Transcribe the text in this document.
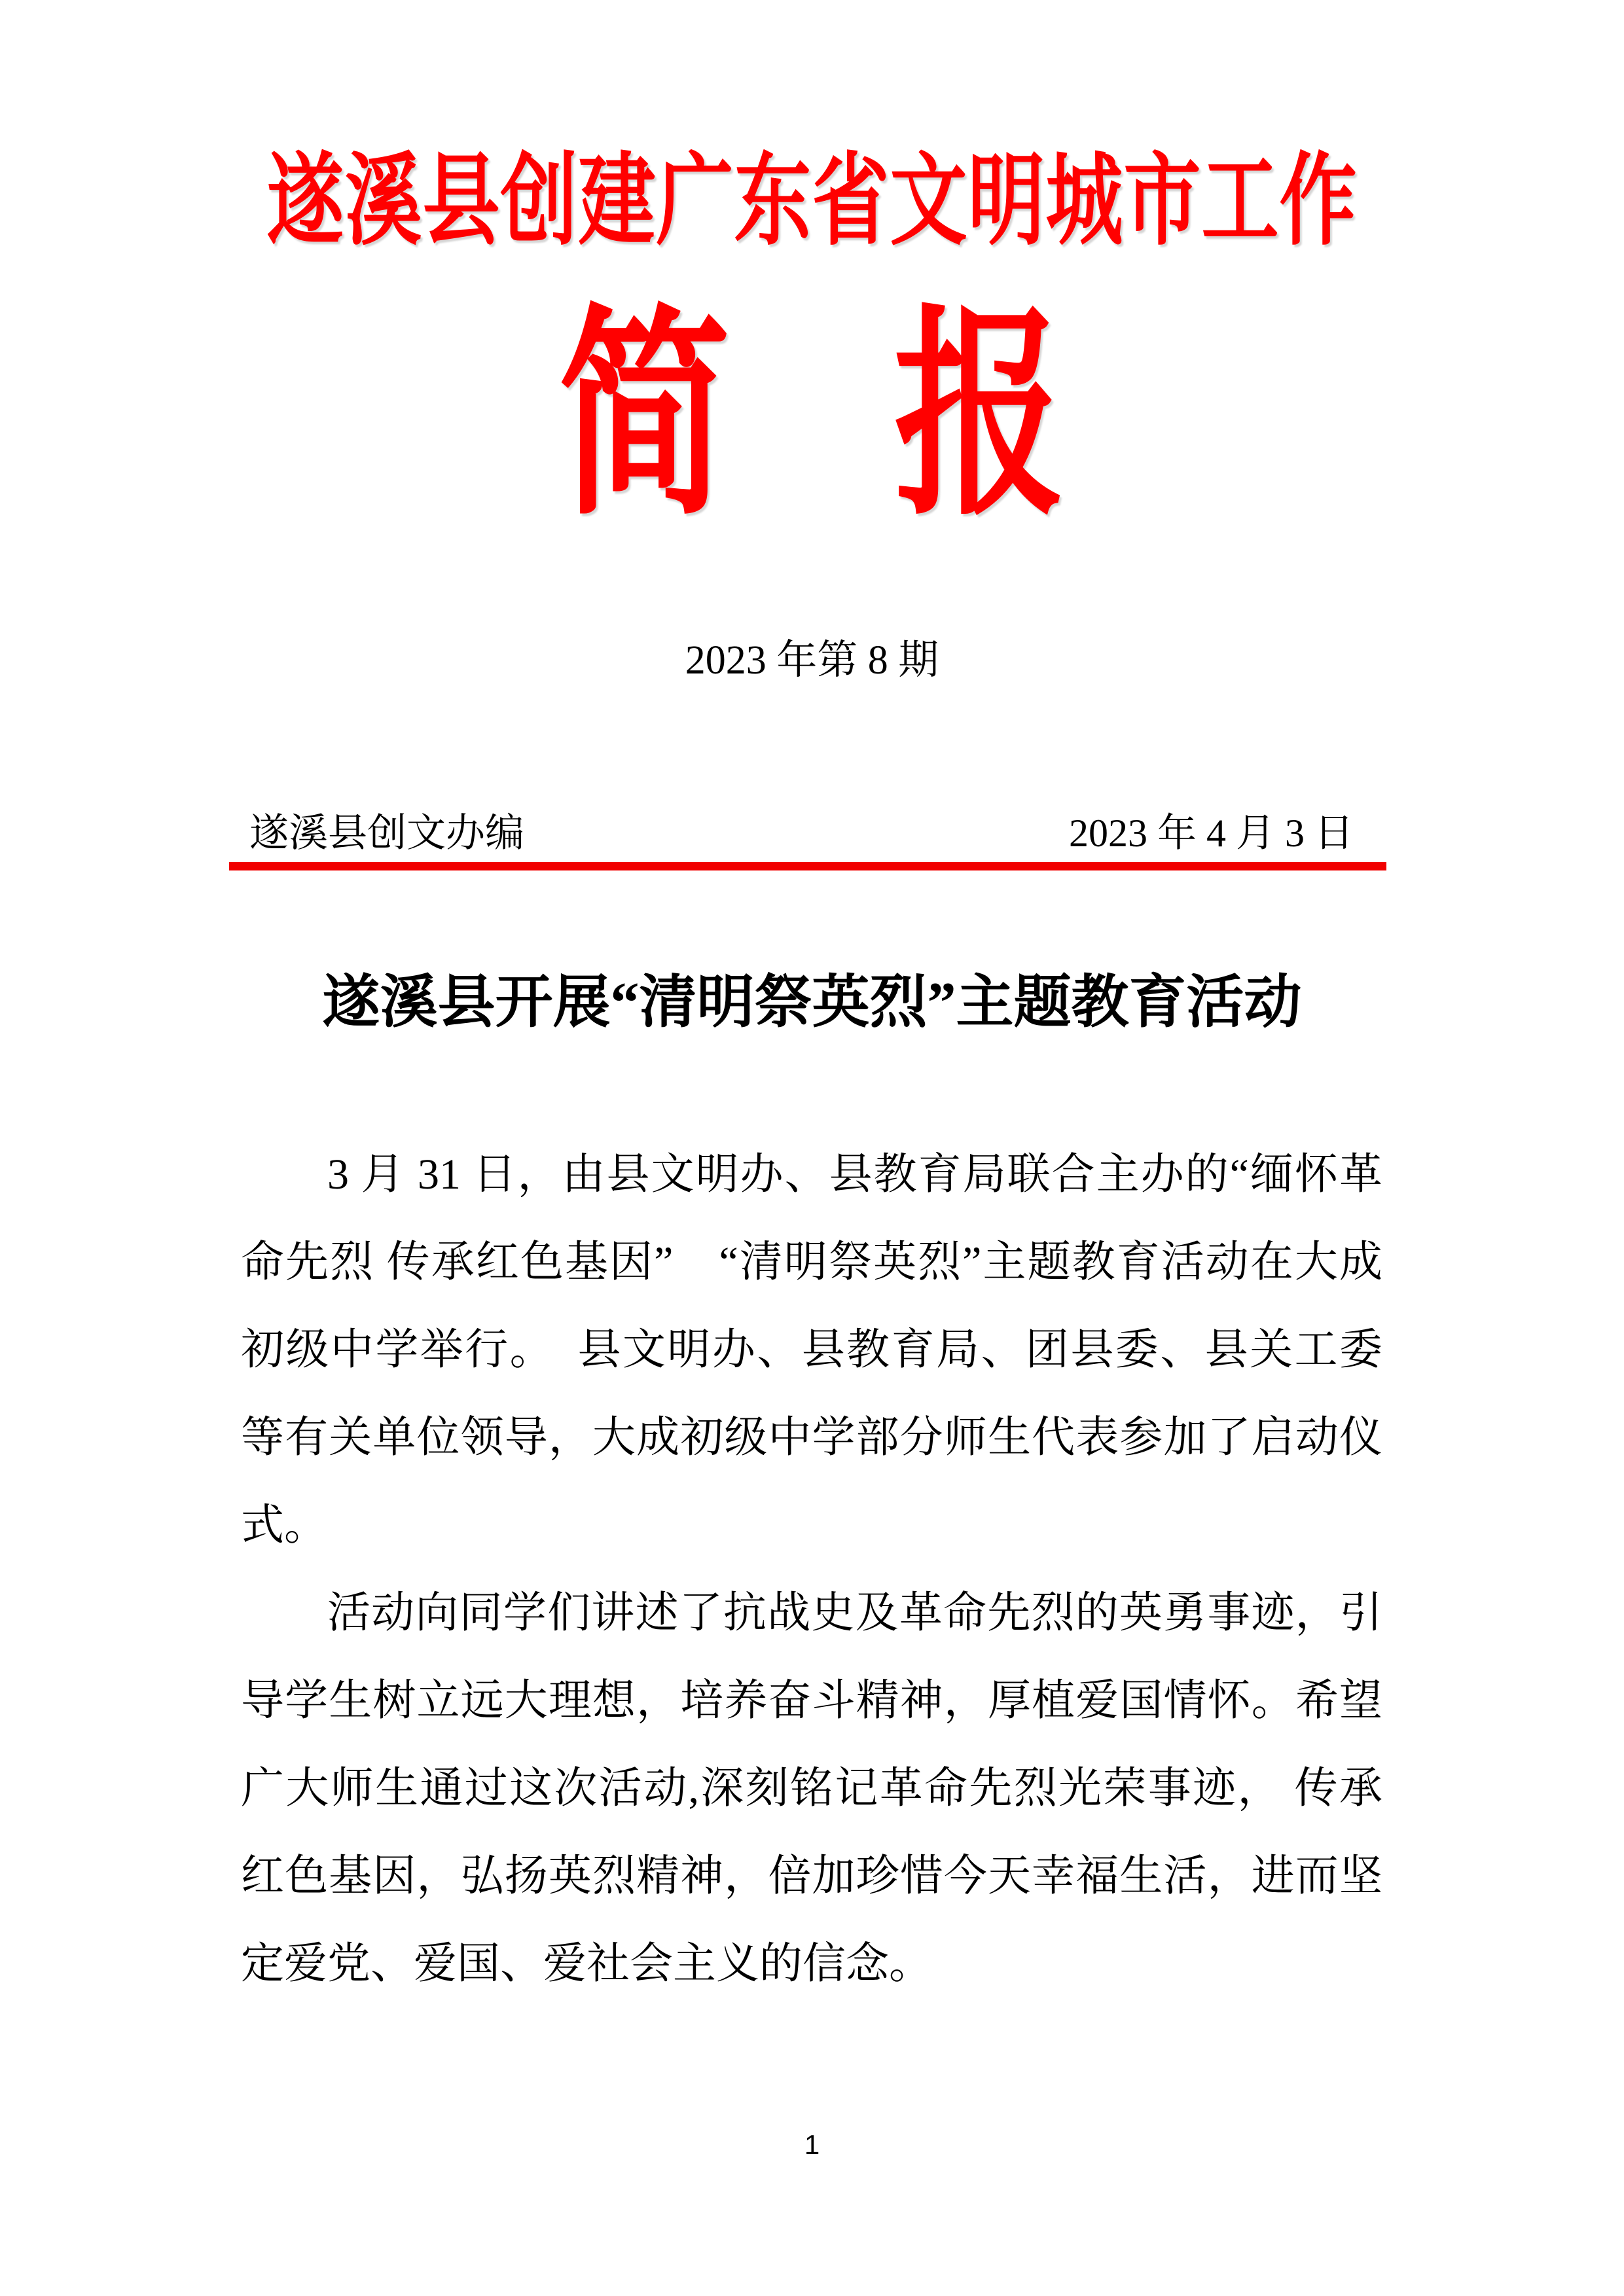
遂溪县创建广东省文明城市工作
简 报
2023 年第 8 期
遂溪县创文办编	2023 年 4 月 3 日
遂溪县开展“清明祭英烈”主题教育活动

3 月 31 日，由县文明办、县教育局联合主办的“缅怀革命先烈 传承红色基因”　“清明祭英烈”主题教育活动在大成初级中学举行。　县文明办、县教育局、团县委、县关工委等有关单位领导，大成初级中学部分师生代表参加了启动仪式。

活动向同学们讲述了抗战史及革命先烈的英勇事迹，引导学生树立远大理想，培养奋斗精神，厚植爱国情怀。希望广大师生通过这次活动,深刻铭记革命先烈光荣事迹， 传承红色基因，弘扬英烈精神，倍加珍惜今天幸福生活，进而坚定爱党、爱国、爱社会主义的信念。

1
